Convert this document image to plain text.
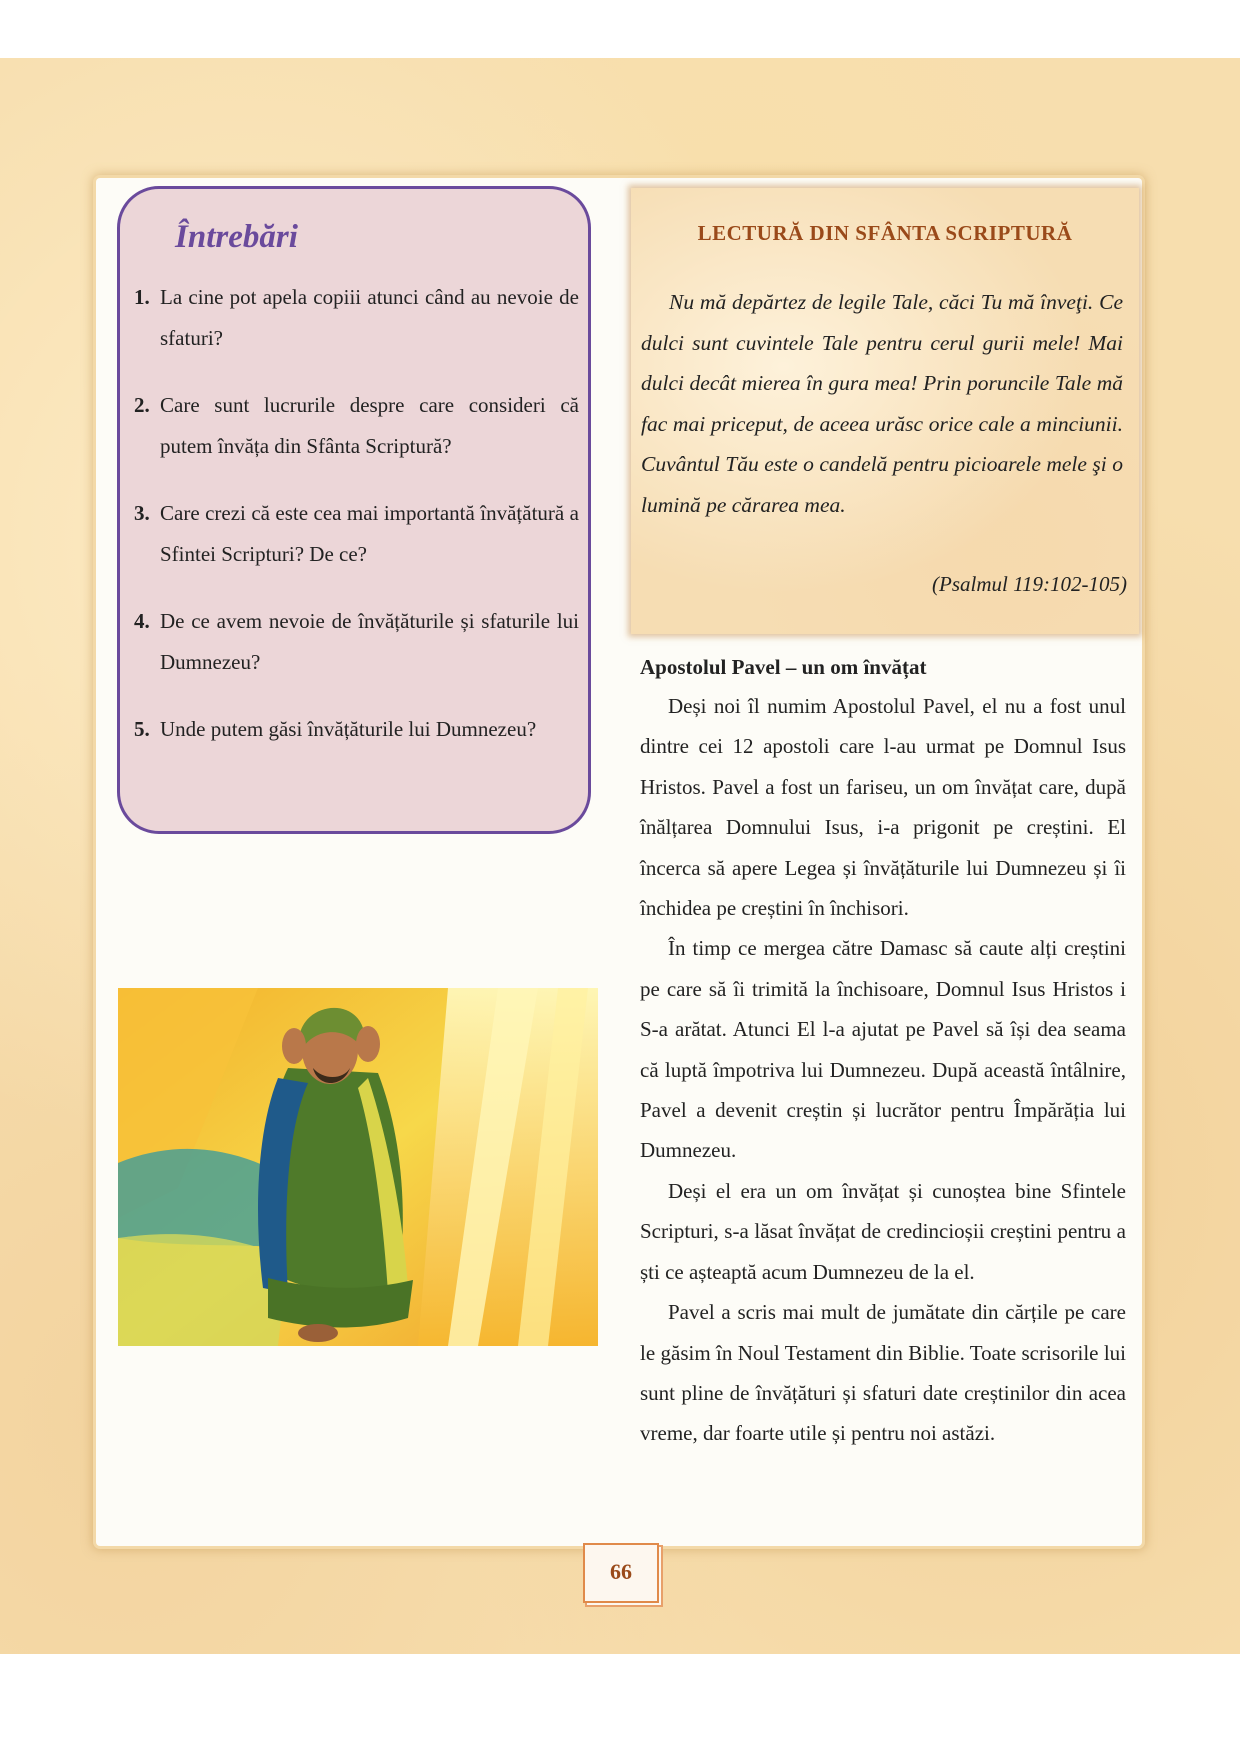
Întrebări
1. La cine pot apela copiii atunci când au nevoie de sfaturi?
2. Care sunt lucrurile despre care consideri că putem învăța din Sfânta Scriptură?
3. Care crezi că este cea mai importantă învățătură a Sfintei Scripturi? De ce?
4. De ce avem nevoie de învățăturile și sfaturile lui Dumnezeu?
5. Unde putem găsi învățăturile lui Dumnezeu?
LECTURĂ DIN SFÂNTA SCRIPTURĂ

Nu mă depărtez de legile Tale, căci Tu mă înveţi. Ce dulci sunt cuvintele Tale pentru cerul gurii mele! Mai dulci decât mierea în gura mea! Prin poruncile Tale mă fac mai priceput, de aceea urăsc orice cale a minciunii. Cuvântul Tău este o candelă pentru picioarele mele şi o lumină pe cărarea mea.

(Psalmul 119:102-105)
Apostolul Pavel – un om învățat

Deși noi îl numim Apostolul Pavel, el nu a fost unul dintre cei 12 apostoli care l-au urmat pe Domnul Isus Hristos. Pavel a fost un fariseu, un om învățat care, după înălțarea Domnului Isus, i-a prigonit pe creștini. El încerca să apere Legea și învățăturile lui Dumnezeu și îi închidea pe creștini în închisori.

În timp ce mergea către Damasc să caute alți creștini pe care să îi trimită la închisoare, Domnul Isus Hristos i S-a arătat. Atunci El l-a ajutat pe Pavel să își dea seama că luptă împotriva lui Dumnezeu. După această întâlnire, Pavel a devenit creștin și lucrător pentru Împărăția lui Dumnezeu.

Deși el era un om învățat și cunoștea bine Sfintele Scripturi, s-a lăsat învățat de credincioșii creștini pentru a ști ce așteaptă acum Dumnezeu de la el.

Pavel a scris mai mult de jumătate din cărțile pe care le găsim în Noul Testament din Biblie. Toate scrisorile lui sunt pline de învățături și sfaturi date creștinilor din acea vreme, dar foarte utile și pentru noi astăzi.

66
